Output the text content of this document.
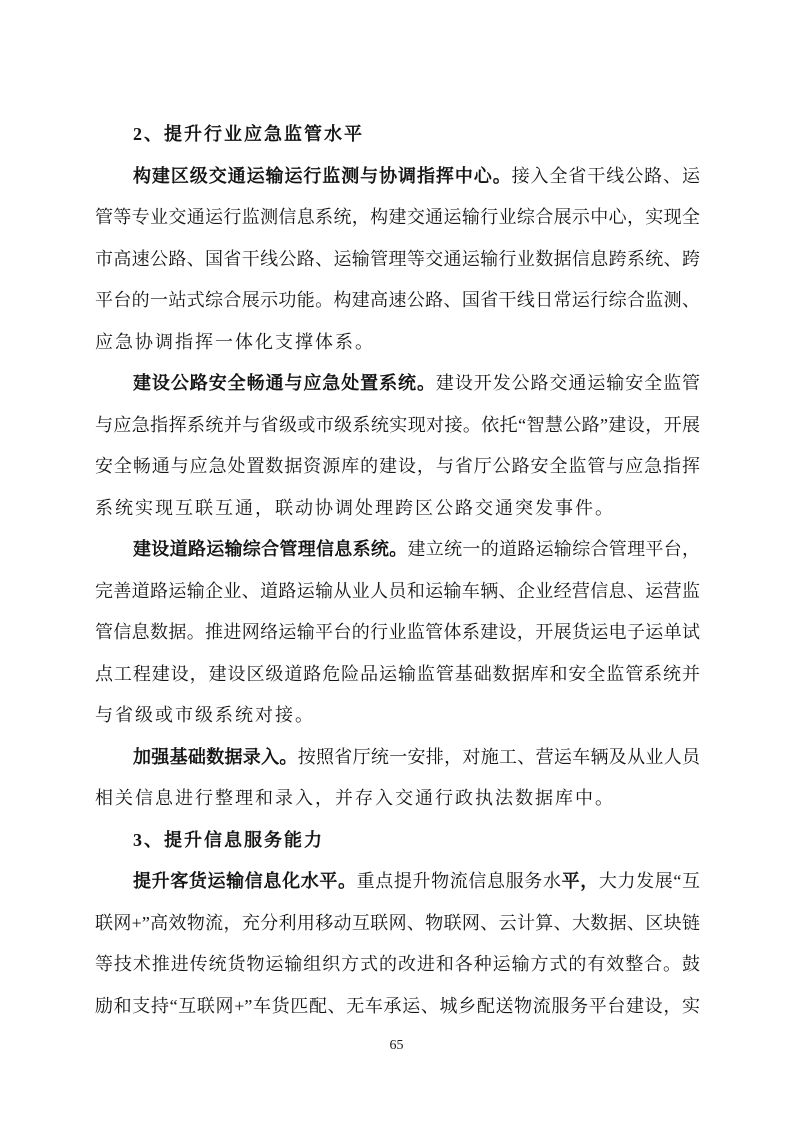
2、提升行业应急监管水平
构建区级交通运输运行监测与协调指挥中心。接入全省干线公路、运
管等专业交通运行监测信息系统，构建交通运输行业综合展示中心，实现全
市高速公路、国省干线公路、运输管理等交通运输行业数据信息跨系统、跨
平台的一站式综合展示功能。构建高速公路、国省干线日常运行综合监测、
应急协调指挥一体化支撑体系。
建设公路安全畅通与应急处置系统。建设开发公路交通运输安全监管
与应急指挥系统并与省级或市级系统实现对接。依托“智慧公路”建设，开展
安全畅通与应急处置数据资源库的建设，与省厅公路安全监管与应急指挥
系统实现互联互通，联动协调处理跨区公路交通突发事件。
建设道路运输综合管理信息系统。建立统一的道路运输综合管理平台，
完善道路运输企业、道路运输从业人员和运输车辆、企业经营信息、运营监
管信息数据。推进网络运输平台的行业监管体系建设，开展货运电子运单试
点工程建设，建设区级道路危险品运输监管基础数据库和安全监管系统并
与省级或市级系统对接。
加强基础数据录入。按照省厅统一安排，对施工、营运车辆及从业人员
相关信息进行整理和录入，并存入交通行政执法数据库中。
3、提升信息服务能力
提升客货运输信息化水平。重点提升物流信息服务水平，大力发展“互
联网+”高效物流，充分利用移动互联网、物联网、云计算、大数据、区块链
等技术推进传统货物运输组织方式的改进和各种运输方式的有效整合。鼓
励和支持“互联网+”车货匹配、无车承运、城乡配送物流服务平台建设，实
65
